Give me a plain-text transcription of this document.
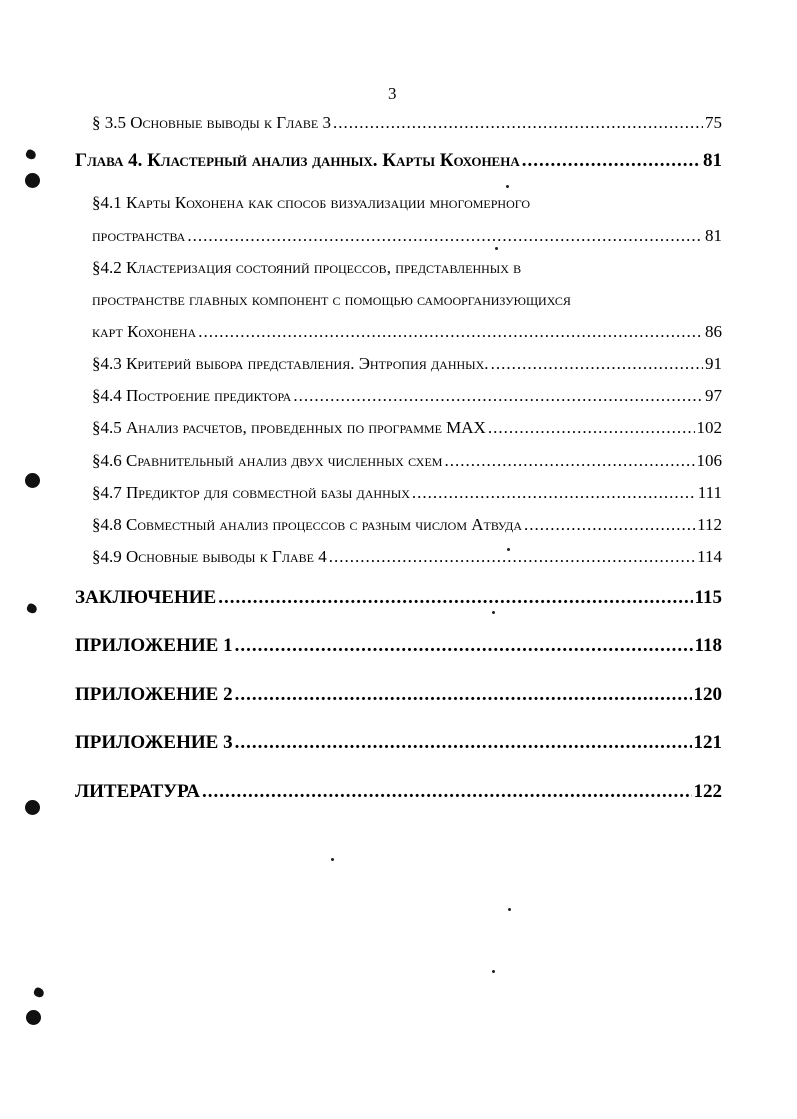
3
§ 3.5 Основные выводы к Главе 3 .....	75
Глава 4. Кластерный анализ данных. Карты Кохонена .....	81
§4.1 Карты Кохонена как способ визуализации многомерного
пространства .....	81
§4.2 Кластеризация состояний процессов, представленных в
пространстве главных компонент с помощью самоорганизующихся
карт Кохонена .....	86
§4.3 Критерий выбора представления. Энтропия данных. .....	91
§4.4 Построение предиктора .....	97
§4.5 Анализ расчетов, проведенных по программе MAX .....	102
§4.6 Сравнительный анализ двух численных схем .....	106
§4.7 Предиктор для совместной базы данных .....	111
§4.8 Совместный анализ процессов с разным числом Атвуда .....	112
§4.9 Основные выводы к Главе 4 .....	114
ЗАКЛЮЧЕНИЕ .....	115
ПРИЛОЖЕНИЕ 1 .....	118
ПРИЛОЖЕНИЕ 2 .....	120
ПРИЛОЖЕНИЕ 3 .....	121
ЛИТЕРАТУРА .....	122
